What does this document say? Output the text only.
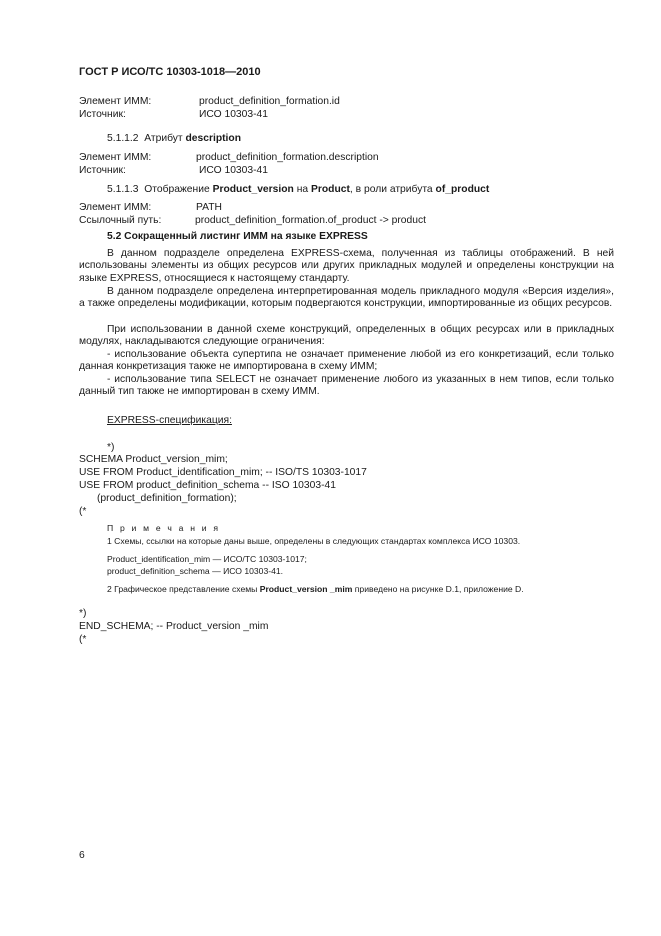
ГОСТ Р ИСО/ТС 10303-1018—2010
Элемент ИММ:	product_definition_formation.id
Источник:	ИСО 10303-41
5.1.1.2 Атрибут description
Элемент ИММ:	product_definition_formation.description
Источник:	ИСО 10303-41
5.1.1.3 Отображение Product_version на Product, в роли атрибута of_product
Элемент ИММ:	PATH
Ссылочный путь:	product_definition_formation.of_product -> product
5.2 Сокращенный листинг ИММ на языке EXPRESS
В данном подразделе определена EXPRESS-схема, полученная из таблицы отображений. В ней использованы элементы из общих ресурсов или других прикладных модулей и определены конструкции на языке EXPRESS, относящиеся к настоящему стандарту.
В данном подразделе определена интерпретированная модель прикладного модуля «Версия изделия», а также определены модификации, которым подвергаются конструкции, импортированные из общих ресурсов.
При использовании в данной схеме конструкций, определенных в общих ресурсах или в прикладных модулях, накладываются следующие ограничения:
- использование объекта супертипа не означает применение любой из его конкретизаций, если только данная конкретизация также не импортирована в схему ИММ;
- использование типа SELECT не означает применение любого из указанных в нем типов, если только данный тип также не импортирован в схему ИММ.
EXPRESS-спецификация:
*)
SCHEMA Product_version_mim;
USE FROM Product_identification_mim; -- ISO/TS 10303-1017
USE FROM product_definition_schema -- ISO 10303-41
(product_definition_formation);
(*
П р и м е ч а н и я
1 Схемы, ссылки на которые даны выше, определены в следующих стандартах комплекса ИСО 10303.
Product_identification_mim — ИСО/ТС 10303-1017;
product_definition_schema — ИСО 10303-41.
2 Графическое представление схемы Product_version _mim приведено на рисунке D.1, приложение D.
*)
END_SCHEMA; -- Product_version _mim
(*
6
